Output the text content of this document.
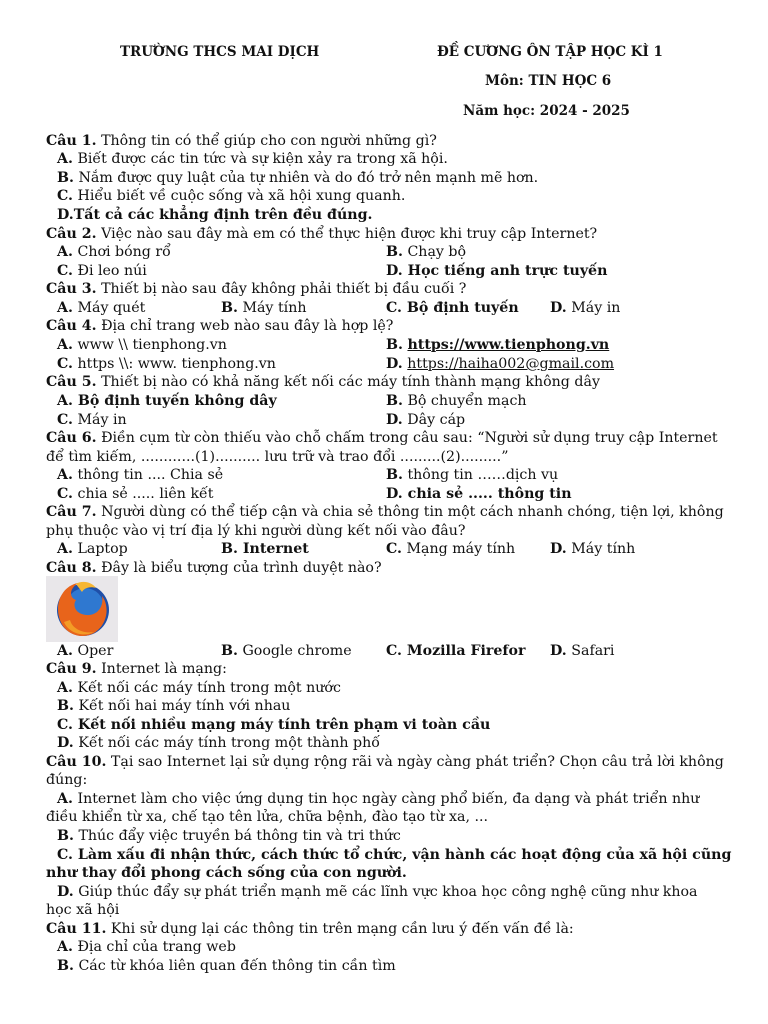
TRƯỜNG THCS MAI DỊCH	ĐỀ CƯƠNG ÔN TẬP HỌC KÌ 1
Môn: TIN HỌC 6
Năm học: 2024 - 2025
Câu 1. Thông tin có thể giúp cho con người những gì?
A. Biết được các tin tức và sự kiện xảy ra trong xã hội.
B. Nắm được quy luật của tự nhiên và do đó trở nên mạnh mẽ hơn.
C. Hiểu biết về cuộc sống và xã hội xung quanh.
D.Tất cả các khẳng định trên đều đúng.
Câu 2. Việc nào sau đây mà em có thể thực hiện được khi truy cập Internet?
A. Chơi bóng rổ	B. Chạy bộ
C. Đi leo núi	D. Học tiếng anh trực tuyến
Câu 3. Thiết bị nào sau đây không phải thiết bị đầu cuối ?
A. Máy quét	B. Máy tính	C. Bộ định tuyến D. Máy in
Câu 4. Địa chỉ trang web nào sau đây là hợp lệ?
A. www \\ tienphong.vn	B. https://www.tienphong.vn
C. https \\: www. tienphong.vn	D. https://haiha002@gmail.com
Câu 5. Thiết bị nào có khả năng kết nối các máy tính thành mạng không dây
A. Bộ định tuyến không dây	B. Bộ chuyển mạch
C. Máy in	D. Dây cáp
Câu 6. Điền cụm từ còn thiếu vào chỗ chấm trong câu sau: “Người sử dụng truy cập Internet
để tìm kiếm, ............(1).......... lưu trữ và trao đổi .........(2).........”
A. thông tin .... Chia sẻ	B. thông tin ……dịch vụ
C. chia sẻ ..... liên kết	D. chia sẻ ..... thông tin
Câu 7. Người dùng có thể tiếp cận và chia sẻ thông tin một cách nhanh chóng, tiện lợi, không
phụ thuộc vào vị trí địa lý khi người dùng kết nối vào đâu?
A. Laptop	B. Internet	C. Mạng máy tính D. Máy tính
Câu 8. Đây là biểu tượng của trình duyệt nào?
A. Oper	B. Google chrome C. Mozilla Firefor D. Safari
Câu 9. Internet là mạng:
A. Kết nối các máy tính trong một nước
B. Kết nối hai máy tính với nhau
C. Kết nối nhiều mạng máy tính trên phạm vi toàn cầu
D. Kết nối các máy tính trong một thành phố
Câu 10. Tại sao Internet lại sử dụng rộng rãi và ngày càng phát triển? Chọn câu trả lời không
đúng:
A. Internet làm cho việc ứng dụng tin học ngày càng phổ biến, đa dạng và phát triển như
điều khiển từ xa, chế tạo tên lửa, chữa bệnh, đào tạo từ xa, ...
B. Thúc đẩy việc truyền bá thông tin và tri thức
C. Làm xấu đi nhận thức, cách thức tổ chức, vận hành các hoạt động của xã hội cũng
như thay đổi phong cách sống của con người.
D. Giúp thúc đẩy sự phát triển mạnh mẽ các lĩnh vực khoa học công nghệ cũng như khoa
học xã hội
Câu 11. Khi sử dụng lại các thông tin trên mạng cần lưu ý đến vấn đề là:
A. Địa chỉ của trang web
B. Các từ khóa liên quan đến thông tin cần tìm
